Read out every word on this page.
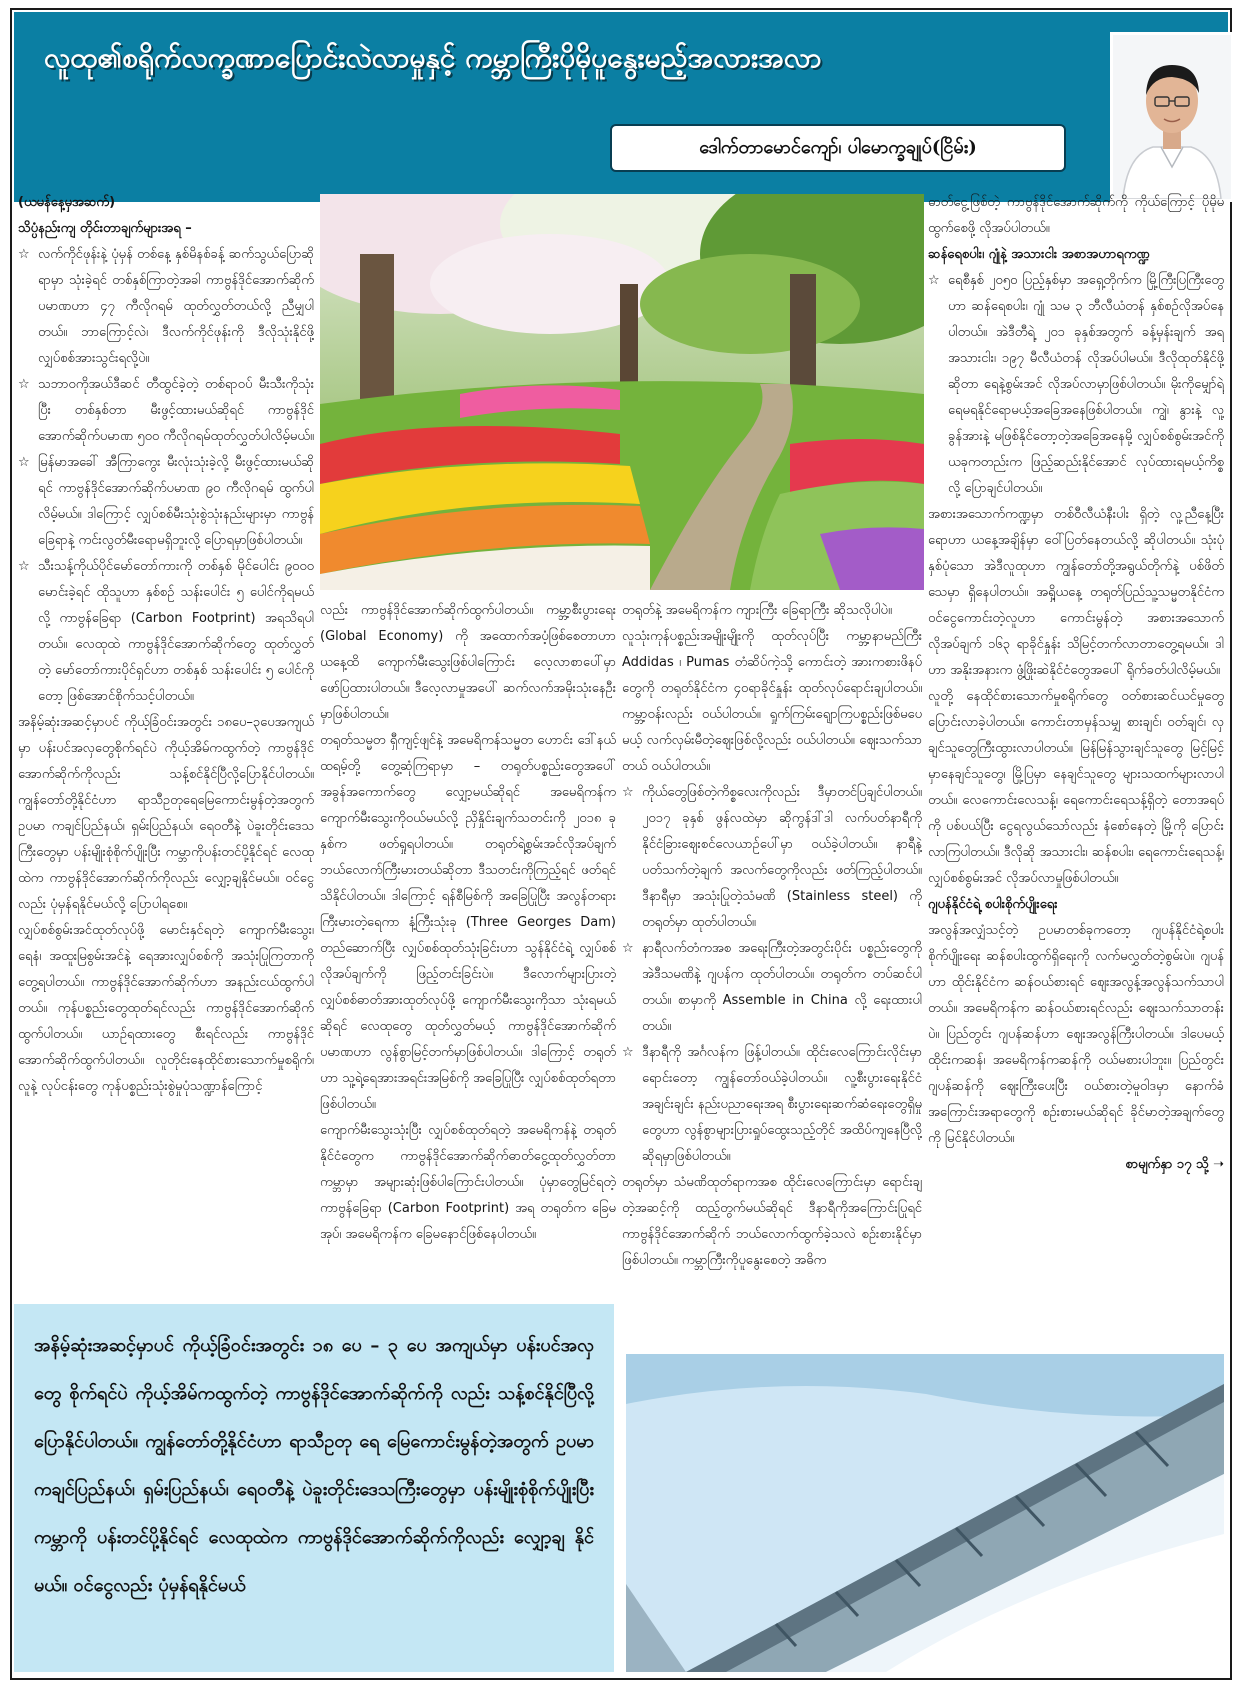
လူထု၏စရိုက်လက္ခဏာပြောင်းလဲလာမှုနှင့် ကမ္ဘာကြီးပိုမိုပူနွေးမည့်အလားအလာ
ဒေါက်တာမောင်ကျော်၊ ပါမောက္ခချုပ်(ငြိမ်း)

(ယမန်နေ့မှအဆက်)

သိပ္ပံနည်းကျ တိုင်းတာချက်များအရ –

☆ လက်ကိုင်ဖုန်းနဲ့ ပုံမှန် တစ်နေ့ နှစ်မိနစ်ခန့် ဆက်သွယ်ပြောဆိုရာမှာ သုံးခဲ့ရင် တစ်နှစ်ကြာတဲ့အခါ ကာဗွန်ဒိုင်အောက်ဆိုက်ပမာဏဟာ ၄၇ ကီလိုဂရမ် ထုတ်လွှတ်တယ်လို့ ညီမျှပါတယ်။ ဘာကြောင့်လဲ၊ ဒီလက်ကိုင်ဖုန်းကို ဒီလိုသုံးနိုင်ဖို့ လျှပ်စစ်အားသွင်းရလို့ပဲ။

☆ သဘာဝကိုအယ်ဒီဆင် တီထွင်ခဲ့တဲ့ တစ်ရာဝပ် မီးသီးကိုသုံးပြီး တစ်နှစ်တာ မီးဖွင့်ထားမယ်ဆိုရင် ကာဗွန်ဒိုင်အောက်ဆိုက်ပမာဏ ၅၀၀ ကီလိုဂရမ်ထုတ်လွှတ်ပါလိမ့်မယ်။

☆ မြန်မာအခေါ် အီကြာကွေး မီးလုံးသုံးခဲ့လို့ မီးဖွင့်ထားမယ်ဆိုရင် ကာဗွန်ဒိုင်အောက်ဆိုက်ပမာဏ ၉၀ ကီလိုဂရမ် ထွက်ပါလိမ့်မယ်။ ဒါကြောင့် လျှပ်စစ်မီးသုံးစွဲသုံးနည်းများမှာ ကာဗွန်ခြေရာနဲ့ ကင်းလွတ်မီးရောမရှိဘူးလို့ ပြောရမှာဖြစ်ပါတယ်။

☆ သီးသန့်ကိုယ်ပိုင်မော်တော်ကားကို တစ်နှစ် မိုင်ပေါင်း ၉၀၀၀ မောင်းခဲ့ရင် ထိုသူဟာ နှစ်စဉ် သန်းပေါင်း ၅ ပေါင်ကိုရမယ်လို့ ကာဗွန်ခြေရာ (Carbon Footprint) အရသိရပါတယ်။ လေထုထဲ ကာဗွန်ဒိုင်အောက်ဆိုက်တွေ ထုတ်လွှတ်တဲ့ မော်တော်ကားပိုင်ရှင်ဟာ တစ်နှစ် သန်းပေါင်း ၅ ပေါင်ကိုတော့ ဖြစ်အောင်စိုက်သင့်ပါတယ်။

အနိမ့်ဆုံးအဆင့်မှာပင် ကိုယ့်ခြံဝင်းအတွင်း ၁၈ပေ–၃ပေအကျယ်မှာ ပန်းပင်အလှတွေစိုက်ရင်ပဲ ကိုယ့်အိမ်ကထွက်တဲ့ ကာဗွန်ဒိုင်အောက်ဆိုက်ကိုလည်း သန့်စင်နိုင်ပြီလို့ပြောနိုင်ပါတယ်။ ကျွန်တော်တို့နိုင်ငံဟာ ရာသီဥတုရေမြေကောင်းမွန်တဲ့အတွက် ဥပမာ ကချင်ပြည်နယ်၊ ရှမ်းပြည်နယ်၊ ရေဝတီနဲ့ ပဲခူးတိုင်းဒေသကြီးတွေမှာ ပန်းမျိုးစုံစိုက်ပျိုးပြီး ကမ္ဘာကိုပန်းတင်ပို့နိုင်ရင် လေထုထဲက ကာဗွန်ဒိုင်အောက်ဆိုက်ကိုလည်း လျှော့ချနိုင်မယ်။ ဝင်ငွေလည်း ပုံမှန်ရနိုင်မယ်လို့ ပြောပါရစေ။

လျှပ်စစ်စွမ်းအင်ထုတ်လုပ်ဖို့ မောင်းနှင်ရတဲ့ ကျောက်မီးသွေး၊ ရေနံ၊ အထူးမြစွမ်းအင်နဲ့ ရေအားလျှပ်စစ်ကို အသုံးပြုကြတာကိုတွေ့ရပါတယ်။ ကာဗွန်ဒိုင်အောက်ဆိုက်ဟာ အနည်းငယ်ထွက်ပါတယ်။ ကုန်ပစ္စည်းတွေထုတ်ရင်လည်း ကာဗွန်ဒိုင်အောက်ဆိုက်ထွက်ပါတယ်။ ယာဉ်ရထားတွေ စီးရင်လည်း ကာဗွန်ဒိုင်အောက်ဆိုက်ထွက်ပါတယ်။ လူတိုင်းနေထိုင်စားသောက်မှုစရိုက်၊ လူနဲ့ လုပ်ငန်းတွေ ကုန်ပစ္စည်းသုံးစွဲမှုပုံသဏ္ဍာန်ကြောင့်

လည်း ကာဗွန်ဒိုင်အောက်ဆိုက်ထွက်ပါတယ်။ ကမ္ဘာ့စီးပွားရေး (Global Economy) ကို အထောက်အပံ့ဖြစ်စေတာဟာ ယနေ့ထိ ကျောက်မီးသွေးဖြစ်ပါကြောင်း လေ့လာစာပေါ်မှာ ဖော်ပြထားပါတယ်။ ဒီလေ့လာမှုအပေါ် ဆက်လက်အမိုးသုံးနေဦးမှာဖြစ်ပါတယ်။

တရုတ်သမ္မတ ရှီကျင့်ဖျင်နဲ့ အမေရိကန်သမ္မတ ဟောင်း ဒေါ်နယ်ထရမ့်တို့ တွေ့ဆုံကြရာမှာ – တရုတ်ပစ္စည်းတွေအပေါ် အခွန်အကောက်တွေ လျှော့မယ်ဆိုရင် အမေရိကန်က ကျောက်မီးသွေးကိုဝယ်မယ်လို့ ညှိနှိုင်းချက်သတင်းကို ၂၀၁၈ ခုနှစ်က ဖတ်ရှုရပါတယ်။ တရုတ်ရဲ့စွမ်းအင်လိုအပ်ချက် ဘယ်လောက်ကြီးမားတယ်ဆိုတာ ဒီသတင်းကိုကြည့်ရင် ဖတ်ရင်သိနိုင်ပါတယ်။ ဒါကြောင့် ရန်စီမြစ်ကို အခြေပြုပြီး အလွန်တရားကြီးမားတဲ့ရေကာ နံ့ကြီးသုံးခု (Three Georges Dam) တည်ဆောက်ပြီး လျှပ်စစ်ထုတ်သုံးခြင်းဟာ သွန်နိုင်ငံရဲ့ လျှပ်စစ်လိုအပ်ချက်ကို ဖြည့်တင်းခြင်းပဲ။ ဒီလောက်များပြားတဲ့ လျှပ်စစ်ဓာတ်အားထုတ်လုပ်ဖို့ ကျောက်မီးသွေးကိုသာ သုံးရမယ်ဆိုရင် လေထုတွေ ထုတ်လွှတ်မယ့် ကာဗွန်ဒိုင်အောက်ဆိုက်ပမာဏဟာ လွန်စွာမြင့်တက်မှာဖြစ်ပါတယ်။ ဒါကြောင့် တရုတ်ဟာ သူ့ရဲ့ရေအားအရင်းအမြစ်ကို အခြေပြုပြီး လျှပ်စစ်ထုတ်ရတာဖြစ်ပါတယ်။

ကျောက်မီးသွေးသုံးပြီး လျှပ်စစ်ထုတ်ရတဲ့ အမေရိကန်နဲ့ တရုတ်နိုင်ငံတွေက ကာဗွန်ဒိုင်အောက်ဆိုက်ဓာတ်ငွေ့ထုတ်လွှတ်တာ ကမ္ဘာမှာ အများဆုံးဖြစ်ပါကြောင်းပါတယ်။ ပုံမှာတွေမြင်ရတဲ့ ကာဗွန်ခြေရာ (Carbon Footprint) အရ တရုတ်က ခြေမအုပ်၊ အမေရိကန်က ခြေမနောင်ဖြစ်နေပါတယ်။

တရုတ်နဲ့ အမေရိကန်က ကျားကြီး ခြေရာကြီး ဆိုသလိုပါပဲ။

လူသုံးကုန်ပစ္စည်းအမျိုးမျိုးကို ထုတ်လုပ်ပြီး ကမ္ဘာ့နာမည်ကြီး Addidas ၊ Pumas တံဆိပ်ကဲ့သို့ ကောင်းတဲ့ အားကစားဖိနပ်တွေကို တရုတ်နိုင်ငံက ၄၀ရာခိုင်နှုန်း ထုတ်လုပ်ရောင်းချပါတယ်။ ကမ္ဘာ့ဝန်းလည်း ဝယ်ပါတယ်။ ရှုက်ကြမ်းရျောကြပစ္စည်းဖြစ်မပေမယ့် လက်လှမ်းမီတဲ့ဈေးဖြစ်လို့လည်း ဝယ်ပါတယ်။ ဈေးသက်သာတယ် ဝယ်ပါတယ်။

☆ ကိုယ်တွေဖြစ်တဲ့ကိစ္စလေးကိုလည်း ဒီမှာတင်ပြချင်ပါတယ်။ ၂၀၁၇ ခုနှစ် ဖွန်လထဲမှာ ဆိုကွန်ဒါ်ဒါ လက်ပတ်နာရီကို နိုင်ငံခြားဈေးစင်လေယာဉ်ပေါ်မှာ ဝယ်ခဲ့ပါတယ်။ နာရီနဲ့ပတ်သက်တဲ့ချက် အလက်တွေကိုလည်း ဖတ်ကြည့်ပါတယ်။ ဒီနာရီမှာ အသုံးပြုတဲ့သံမဏိ (Stainless steel) ကို တရုတ်မှာ ထုတ်ပါတယ်။

☆ နာရီလက်တံကအစ အရေးကြီးတဲ့အတွင်းပိုင်း ပစ္စည်းတွေကို အဲဒီသမဏိနဲ့ ဂျပန်က ထုတ်ပါတယ်။ တရုတ်က တပ်ဆင်ပါတယ်။ စာမှာကို Assemble in China လို့ ရေးထားပါတယ်။

☆ ဒီနာရီကို အင်္ဂလန်က ဖြန့်ပါတယ်။ ထိုင်းလေကြောင်းလိုင်းမှာရောင်းတော့ ကျွန်တော်ဝယ်ခဲ့ပါတယ်။ လူ့စီးပွားရေးနိုင်ငံအချင်းချင်း နည်းပညာရေးအရ စီးပွားရေးဆက်ဆံရေးတွေရှိမှုတွေဟာ လွန်စွာများပြားရှုပ်ထွေးသည့်တိုင် အထိပ်ကျနေပြီလို့ဆိုရမှာဖြစ်ပါတယ်။

တရုတ်မှာ သံမဏိထုတ်ရာကအစ ထိုင်းလေကြောင်းမှာ ရောင်းချတဲ့အဆင့်ကို ထည့်တွက်မယ်ဆိုရင် ဒီနာရီကိုအကြောင်းပြုရင် ကာဗွန်ဒိုင်အောက်ဆိုက် ဘယ်လောက်ထွက်ခဲ့သလဲ စဉ်းစားနိုင်မှာဖြစ်ပါတယ်။ ကမ္ဘာကြီးကိုပူနွေးစေတဲ့ အဓိက

ဓာတ်ငွေ့ဖြစ်တဲ့ ကာဗွန်ဒိုင်အောက်ဆိုက်ကို ကိုယ်ကြောင့် ပိုမိုမထွက်စေဖို့ လိုအပ်ပါတယ်။

ဆန်ရေစပါး၊ ဂျုံနဲ့ အသားငါး အစာအဟာရကဏ္ဍ

☆ ရေစီနှစ် ၂၀၅၀ ပြည့်နှစ်မှာ အရှေ့တိုက်က မြို့ကြီးပြကြီးတွေဟာ ဆန်ရေစပါး၊ ဂျုံ သမ ၃ ဘီလီယံတန် နှစ်စဉ်လိုအပ်နေပါတယ်။ အဲဒီတီရဲ့ ၂၀၁ ခုနှစ်အတွက် ခန့်မှန်းချက် အရ အသားငါး၊ ၁၉၇ မီလီယံတန် လိုအပ်ပါမယ်။ ဒီလိုထုတ်နိုင်ဖို့ဆိုတာ ရေနဲ့စွမ်းအင် လိုအပ်လာမှာဖြစ်ပါတယ်။ မိုးကိုမျှော်ရဲ့ ရေမရနိုင်ရောမယ့်အခြေအနေဖြစ်ပါတယ်။ ကျွဲ၊ နွားနဲ့ လူ့ခွန်အားနဲ့ မဖြစ်နိုင်တော့တဲ့အခြေအနေမို့ လျှပ်စစ်စွမ်းအင်ကို ယခုကတည်းက ဖြည့်ဆည်းနိုင်အောင် လုပ်ထားရမယ့်ကိစ္စလို့ ပြောချင်ပါတယ်။

အစားအသောက်ကဏ္ဍမှာ တစ်ဝီလီယံနီးပါး ရှိတဲ့ လူ့ညီနေ့ပြီးရောဟာ ယနေ့အချိန်မှာ ဝေါ်ပြတ်နေတယ်လို့ ဆိုပါတယ်။ သုံးပုံနှစ်ပုံသော အဲဒီလူထုဟာ ကျွန်တော်တို့အရွယ်တိုက်နဲ့ ပစ်ဖိတ်သေမှာ ရှိနေပါတယ်။ အရှိ့ယနေ့ တရုတ်ပြည်သူ့သမ္မတနိုင်ငံက ဝင်ငွေကောင်းတဲ့လူဟာ ကောင်းမွန်တဲ့ အစားအသောက်လိုအပ်ချက် ၁၆၃ ရာခိုင်နှုန်း သိမြင့်တက်လာတာတွေ့ရမယ်။ ဒါဟာ အနိုးအနားက ဖွံ့ဖြိုးဆဲနိုင်ငံတွေအပေါ် ရိုက်ခတ်ပါလိမ့်မယ်။

လူတို့ နေထိုင်စားသောက်မှုစရိုက်တွေ ဝတ်စားဆင်ယင်မှုတွေ ပြောင်းလာခဲ့ပါတယ်။ ကောင်းတာမှန်သမျှ စားချင်၊ ဝတ်ချင်၊ လှချင်သူတွေကြီးထွားလာပါတယ်။ မြန်မြန်သွားချင်သူတွေ မြင့်မြင့်မှာနေချင်သူတွေ၊ မြို့ပြမှာ နေချင်သူတွေ များသထက်များလာပါတယ်။ လေကောင်းလေသန့်၊ ရေကောင်းရေသန့်ရှိတဲ့ တောအရပ်ကို ပစ်ပယ်ပြီး ငွေရလွယ်သော်လည်း နံစော်နေတဲ့ မြို့ကို ပြောင်းလာကြပါတယ်။ ဒီလိုဆို အသားငါး၊ ဆန်စပါး၊ ရေကောင်းရေသန့်၊ လျှပ်စစ်စွမ်းအင် လိုအပ်လာမှုဖြစ်ပါတယ်။

ဂျပန်နိုင်ငံရဲ့ စပါးစိုက်ပျိုးရေး

အလွန်အလျှံသင့်တဲ့ ဥပမာတစ်ခုကတော့ ဂျပန်နိုင်ငံရဲ့စပါးစိုက်ပျိုးရေး ဆန်စပါးထွက်ရှိရေးကို လက်မလွှတ်တဲ့စွမ်းပဲ။ ဂျပန်ဟာ ထိုင်းနိုင်ငံက ဆန်ဝယ်စားရင် ဈေးအလွန့်အလွန်သက်သာပါတယ်။ အမေရိကန်က ဆန်ဝယ်စားရင်လည်း ဈေးသက်သာတန်းပဲ။ ပြည်တွင်း ဂျပန်ဆန်ဟာ ဈေးအလွန်ကြီးပါတယ်။ ဒါပေမယ့် ထိုင်းကဆန်၊ အမေရိကန်ကဆန်ကို ဝယ်မစားပါဘူး။ ပြည်တွင်းဂျပန်ဆန်ကို ဈေးကြီးပေးပြီး ဝယ်စားတဲ့မူဝါဒမှာ နောက်ခံအကြောင်းအရာတွေကို စဉ်းစားမယ်ဆိုရင် ခိုင်မာတဲ့အချက်တွေကို မြင်နိုင်ပါတယ်။

စာမျက်နှာ ၁၇ သို့ ➝

အနိမ့်ဆုံးအဆင့်မှာပင် ကိုယ့်ခြံဝင်းအတွင်း ၁၈ ပေ – ၃ ပေ အကျယ်မှာ ပန်းပင်အလှတွေ စိုက်ရင်ပဲ ကိုယ့်အိမ်ကထွက်တဲ့ ကာဗွန်ဒိုင်အောက်ဆိုက်ကို လည်း သန့်စင်နိုင်ပြီလို့ပြောနိုင်ပါတယ်။ ကျွန်တော်တို့နိုင်ငံဟာ ရာသီဥတု ရေ မြေကောင်းမွန်တဲ့အတွက် ဥပမာ ကချင်ပြည်နယ်၊ ရှမ်းပြည်နယ်၊ ရေဝတီနဲ့ ပဲခူးတိုင်းဒေသကြီးတွေမှာ ပန်းမျိုးစုံစိုက်ပျိုးပြီး ကမ္ဘာကို ပန်းတင်ပို့နိုင်ရင် လေထုထဲက ကာဗွန်ဒိုင်အောက်ဆိုက်ကိုလည်း လျှော့ချ နိုင်မယ်။ ဝင်ငွေလည်း ပုံမှန်ရနိုင်မယ်
